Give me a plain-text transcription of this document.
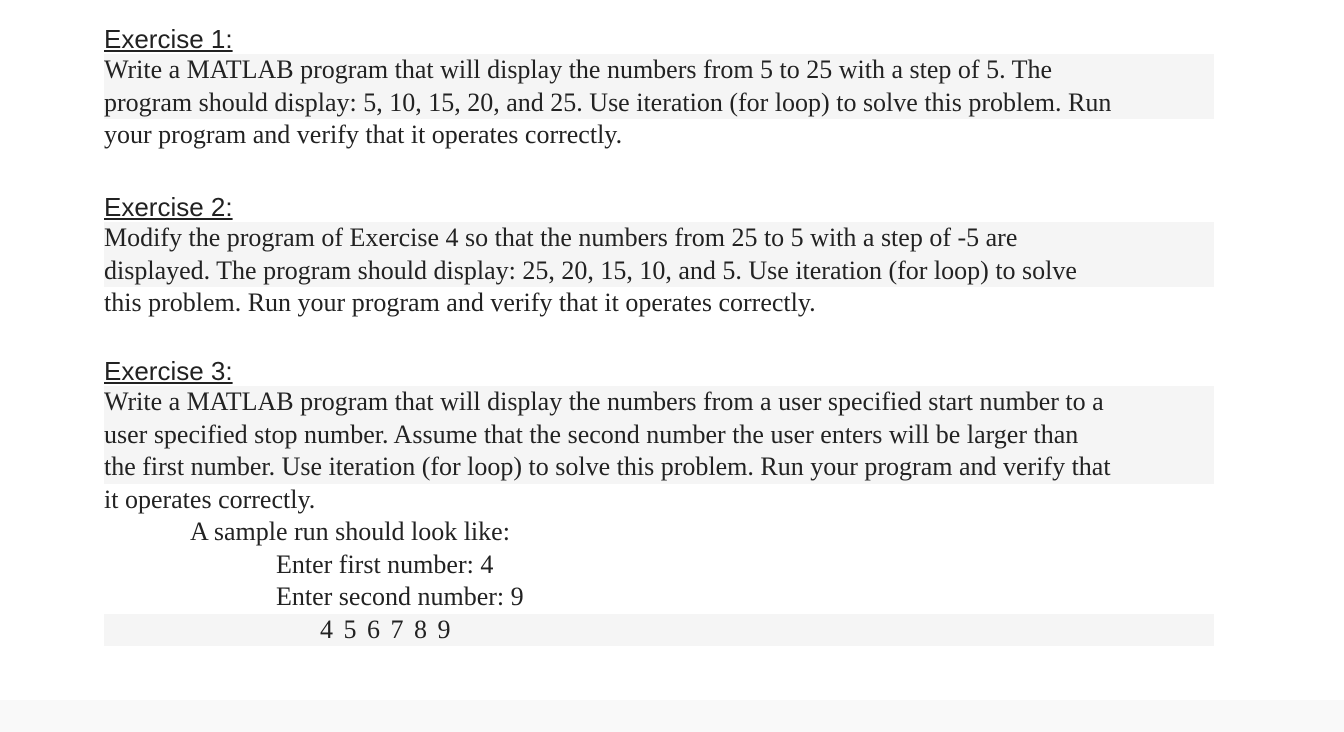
Exercise 1:
Write a MATLAB program that will display the numbers from 5 to 25 with a step of 5. The
program should display: 5, 10, 15, 20, and 25. Use iteration (for loop) to solve this problem. Run
your program and verify that it operates correctly.
Exercise 2:
Modify the program of Exercise 4 so that the numbers from 25 to 5 with a step of -5 are
displayed. The program should display: 25, 20, 15, 10, and 5. Use iteration (for loop) to solve
this problem. Run your program and verify that it operates correctly.
Exercise 3:
Write a MATLAB program that will display the numbers from a user specified start number to a
user specified stop number. Assume that the second number the user enters will be larger than
the first number. Use iteration (for loop) to solve this problem. Run your program and verify that
it operates correctly.
A sample run should look like:
Enter first number: 4
Enter second number: 9
4 5 6 7 8 9
